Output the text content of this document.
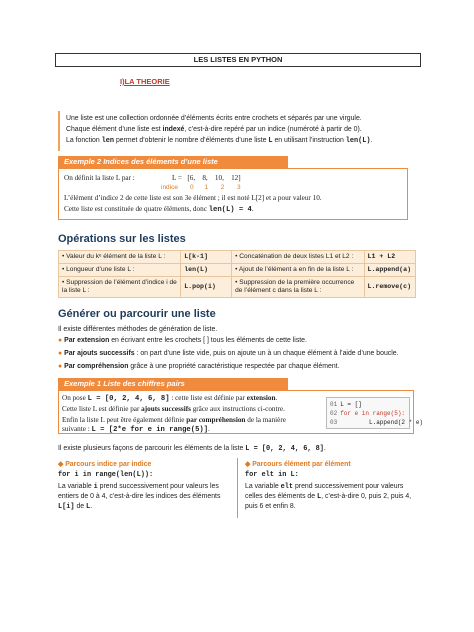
LES LISTES EN PYTHON
I)LA THEORIE
Une liste est une collection ordonnée d’éléments écrits entre crochets et séparés par une virgule.
Chaque élément d’une liste est indexé, c’est-à-dire repéré par un indice (numéroté à partir de 0).
La fonction len permet d’obtenir le nombre d’éléments d’une liste L en utilisant l’instruction len(L).
Exemple 2 Indices des éléments d’une liste
On définit la liste L par :	L =   [6,    8,    10,    12]
indice 0      1       2       3
L’élément d’indice 2 de cette liste est son 3e élément ; il est noté L[2] et a pour valeur 10.
Cette liste est constituée de quatre éléments, donc len(L) = 4.
Opérations sur les listes
• Valeur du kᵉ élément de la liste L :	L[k-1]	• Concaténation de deux listes L1 et L2 :	L1 + L2
• Longueur d’une liste L :	len(L)	• Ajout de l’élément a en fin de la liste L :	L.append(a)
• Suppression de l’élément d’indice i de la liste L :	L.pop(i)	• Suppression de la première occurrence de l’élément c dans la liste L :	L.remove(c)
Générer ou parcourir une liste
Il existe différentes méthodes de génération de liste.
● Par extension en écrivant entre les crochets [ ] tous les éléments de cette liste.
● Par ajouts successifs : on part d’une liste vide, puis on ajoute un à un chaque élément à l’aide d’une boucle.
● Par compréhension grâce à une propriété caractéristique respectée par chaque élément.
Exemple 1 Liste des chiffres pairs
On pose L = [0, 2, 4, 6, 8] : cette liste est définie par extension.
Cette liste L est définie par ajouts successifs grâce aux instructions ci-contre.
Enfin la liste L peut être également définie par compréhension de la manière
suivante : L = [2*e for e in range(5)].
01 L = []
02 for e in range(5):
03        L.append(2 * e)
Il existe plusieurs façons de parcourir les éléments de la liste L = [0, 2, 4, 6, 8].
◆ Parcours indice par indice
for i in range(len(L)):
La variable i prend successivement pour valeurs les
entiers de 0 à 4, c’est-à-dire les indices des éléments
L[i] de L.
◆ Parcours élément par élément
for elt in L:
La variable elt prend successivement pour valeurs
celles des éléments de L, c’est-à-dire 0, puis 2, puis 4,
puis 6 et enfin 8.
